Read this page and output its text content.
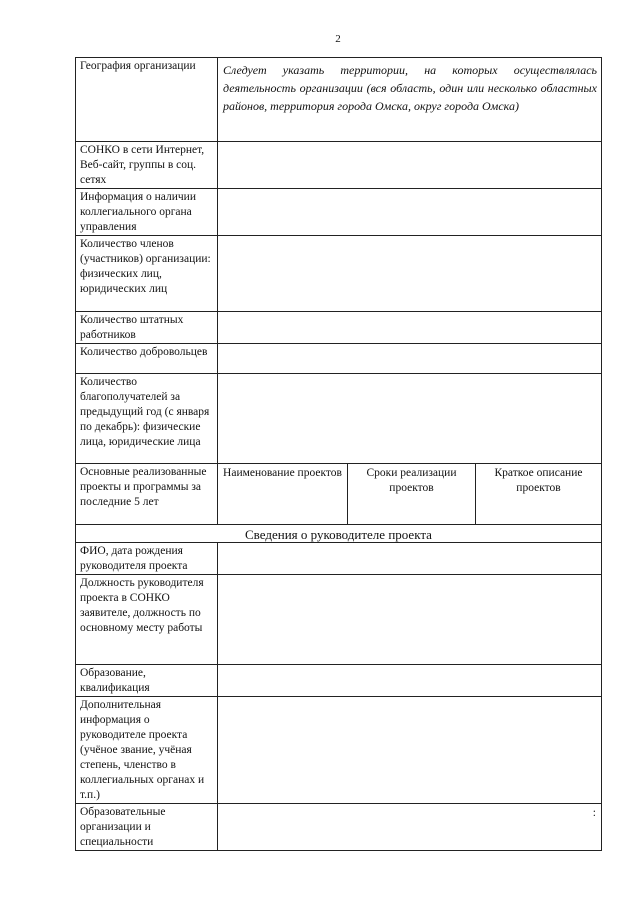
2
География организации	Следует указать территории, на которых осуществлялась деятельность организации (вся область, один или несколько областных районов, территория города Омска, округ города Омска)		
СОНКО в сети Интернет, Веб-сайт, группы в соц. сетях			
Информация о наличии коллегиального органа управления			
Количество членов (участников) организации: физических лиц, юридических лиц			
Количество штатных работников			
Количество добровольцев			
Количество благополучателей за предыдущий год (с января по декабрь): физические лица, юридические лица			
Основные реализованные проекты и программы за последние 5 лет	Наименование проектов	Сроки реализации проектов	Краткое описание проектов
Сведения о руководителе проекта			
ФИО, дата рождения руководителя проекта			
Должность руководителя проекта в СОНКО заявителе, должность по основному месту работы			
Образование, квалификация			
Дополнительная информация о руководителе проекта (учёное звание, учёная степень, членство в коллегиальных органах и т.п.)			
Образовательные организации и специальности	:		
